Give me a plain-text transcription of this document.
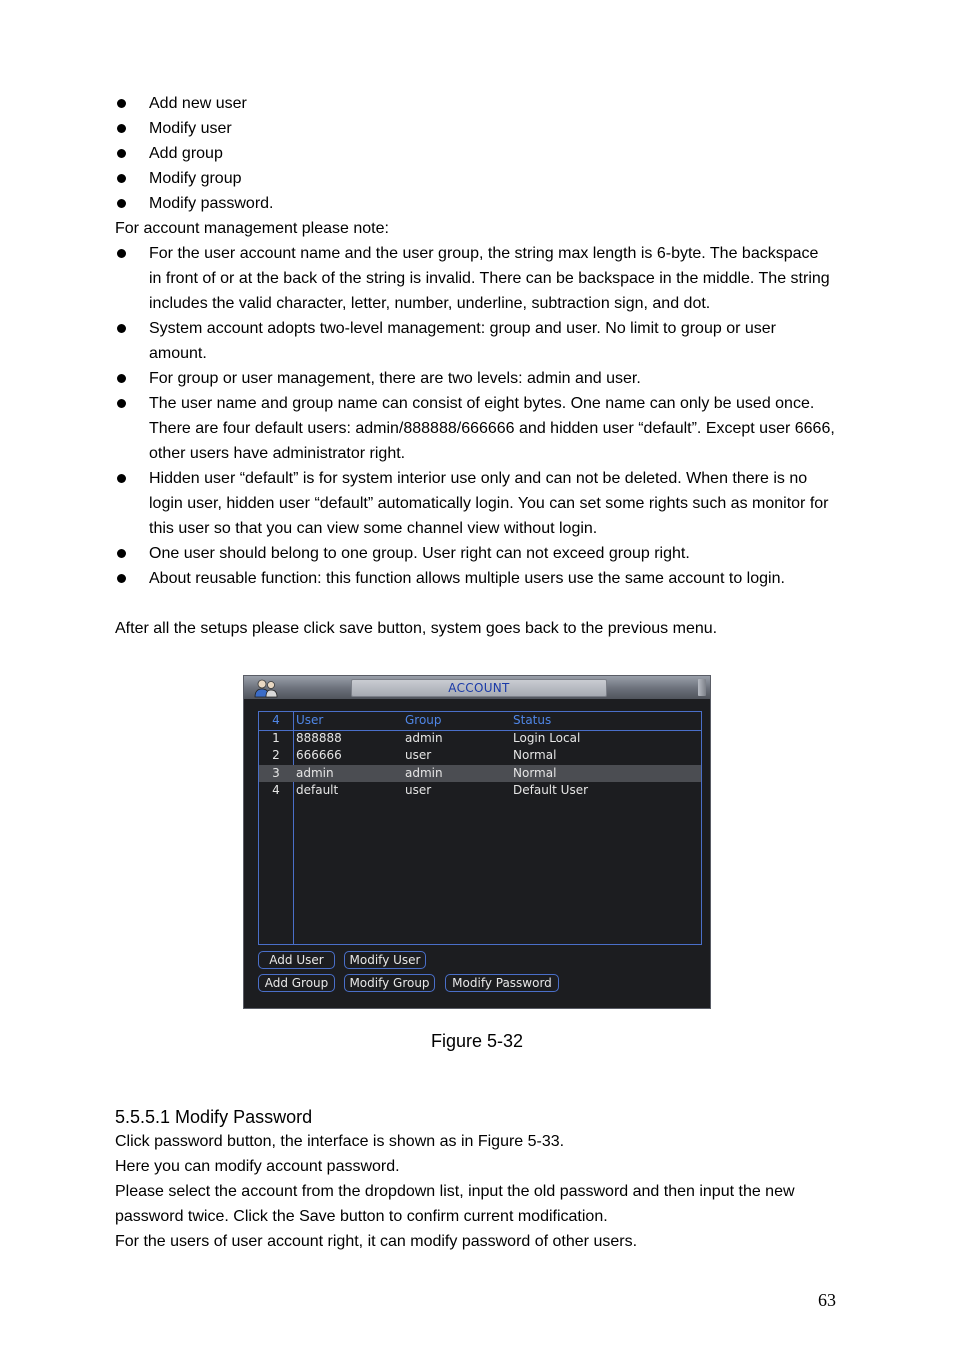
Add new user
Modify user
Add group
Modify group
Modify password.
For account management please note:
For the user account name and the user group, the string max length is 6-byte. The backspace in front of or at the back of the string is invalid. There can be backspace in the middle. The string includes the valid character, letter, number, underline, subtraction sign, and dot.
System account adopts two-level management: group and user. No limit to group or user amount.
For group or user management, there are two levels: admin and user.
The user name and group name can consist of eight bytes. One name can only be used once. There are four default users: admin/888888/666666 and hidden user “default”. Except user 6666, other users have administrator right.
Hidden user “default” is for system interior use only and can not be deleted. When there is no login user, hidden user “default” automatically login. You can set some rights such as monitor for this user so that you can view some channel view without login.
One user should belong to one group. User right can not exceed group right.
About reusable function: this function allows multiple users use the same account to login.
After all the setups please click save button, system goes back to the previous menu.
ACCOUNT
4	User	Group	Status
1	888888	admin	Login Local
2	666666	user	Normal
3	admin	admin	Normal
4	default	user	Default User
Add User	Modify User
Add Group	Modify Group	Modify Password
Figure 5-32
5.5.5.1 Modify Password
Click password button, the interface is shown as in Figure 5-33.
Here you can modify account password.
Please select the account from the dropdown list, input the old password and then input the new
password twice. Click the Save button to confirm current modification.
For the users of user account right, it can modify password of other users.
63
